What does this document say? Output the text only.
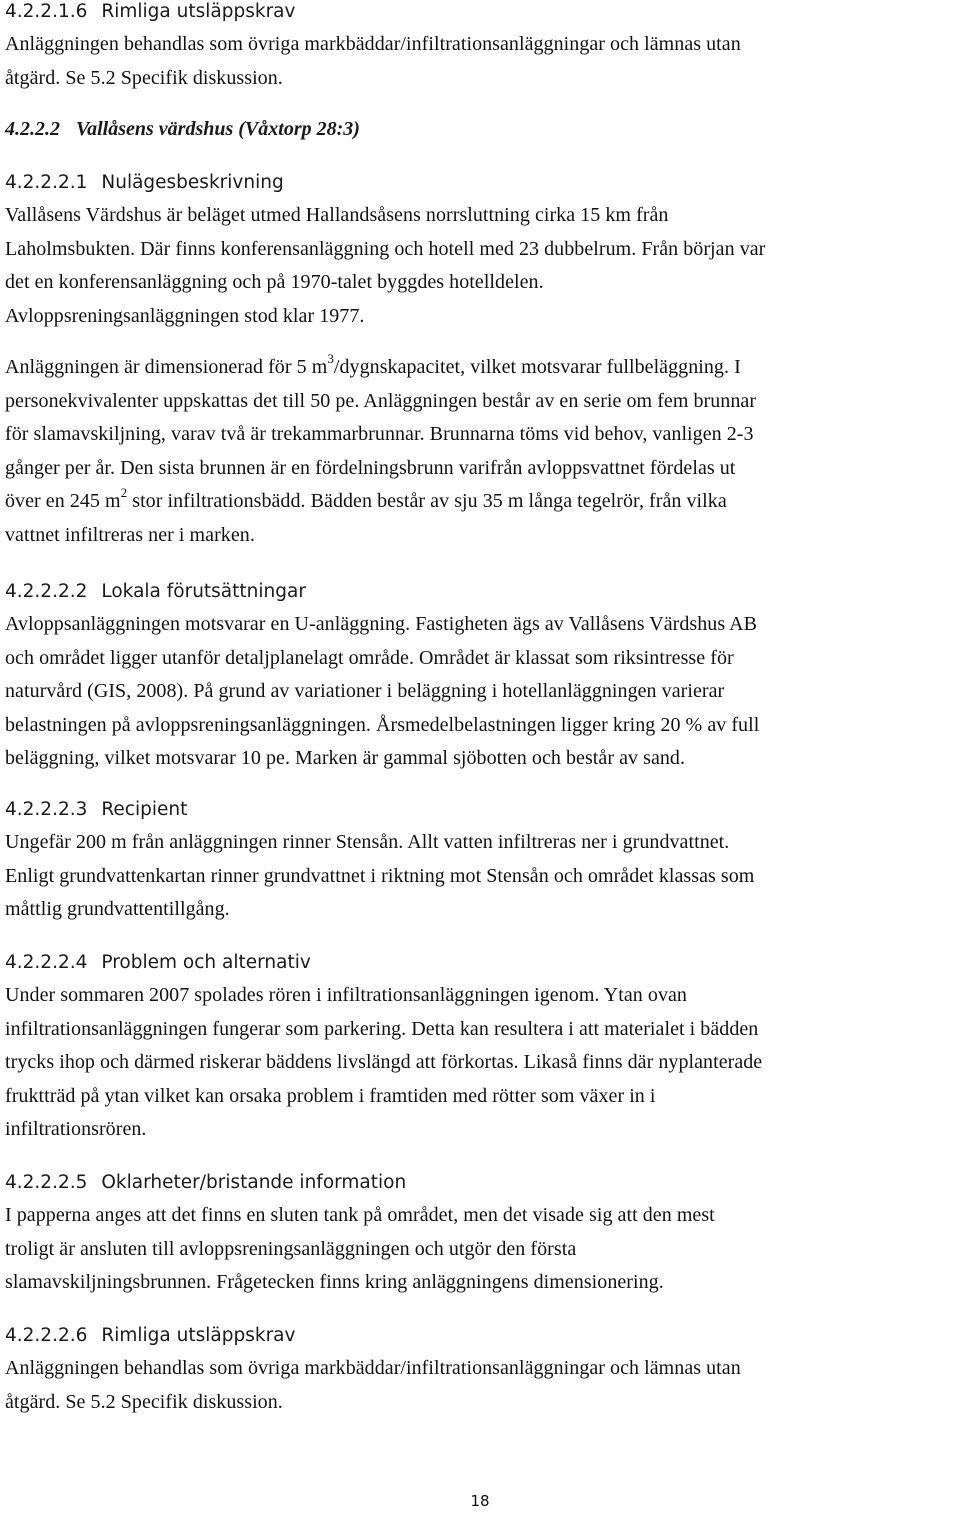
4.2.2.1.6 Rimliga utsläppskrav

Anläggningen behandlas som övriga markbäddar/infiltrationsanläggningar och lämnas utan
åtgärd. Se 5.2 Specifik diskussion.

4.2.2.2 Vallåsens värdshus (Våxtorp 28:3)
4.2.2.2.1 Nulägesbeskrivning

Vallåsens Värdshus är beläget utmed Hallandsåsens norrsluttning cirka 15 km från
Laholmsbukten. Där finns konferensanläggning och hotell med 23 dubbelrum. Från början var
det en konferensanläggning och på 1970-talet byggdes hotelldelen.
Avloppsreningsanläggningen stod klar 1977.

Anläggningen är dimensionerad för 5 $m^3$/dygnskapacitet, vilket motsvarar fullbeläggning. I
personekvivalenter uppskattas det till 50 pe. Anläggningen består av en serie om fem brunnar
för slamavskiljning, varav två är trekammarbrunnar. Brunnarna töms vid behov, vanligen 2-3
gånger per år. Den sista brunnen är en fördelningsbrunn varifrån avloppsvattnet fördelas ut
över en 245 $m^2$ stor infiltrationsbädd. Bädden består av sju 35 m långa tegelrör, från vilka
vattnet infiltreras ner i marken.

4.2.2.2.2 Lokala förutsättningar

Avloppsanläggningen motsvarar en U-anläggning. Fastigheten ägs av Vallåsens Värdshus AB
och området ligger utanför detaljplanelagt område. Området är klassat som riksintresse för
naturvård (GIS, 2008). På grund av variationer i beläggning i hotellanläggningen varierar
belastningen på avloppsreningsanläggningen. Årsmedelbelastningen ligger kring 20 % av full
beläggning, vilket motsvarar 10 pe. Marken är gammal sjöbotten och består av sand.

4.2.2.2.3 Recipient

Ungefär 200 m från anläggningen rinner Stensån. Allt vatten infiltreras ner i grundvattnet.
Enligt grundvattenkartan rinner grundvattnet i riktning mot Stensån och området klassas som
måttlig grundvattentillgång.

4.2.2.2.4 Problem och alternativ

Under sommaren 2007 spolades rören i infiltrationsanläggningen igenom. Ytan ovan
infiltrationsanläggningen fungerar som parkering. Detta kan resultera i att materialet i bädden
trycks ihop och därmed riskerar bäddens livslängd att förkortas. Likaså finns där nyplanterade
fruktträd på ytan vilket kan orsaka problem i framtiden med rötter som växer in i
infiltrationsrören.

4.2.2.2.5 Oklarheter/bristande information

I papperna anges att det finns en sluten tank på området, men det visade sig att den mest
troligt är ansluten till avloppsreningsanläggningen och utgör den första
slamavskiljningsbrunnen. Frågetecken finns kring anläggningens dimensionering.

4.2.2.2.6 Rimliga utsläppskrav

Anläggningen behandlas som övriga markbäddar/infiltrationsanläggningar och lämnas utan
åtgärd. Se 5.2 Specifik diskussion.

18
